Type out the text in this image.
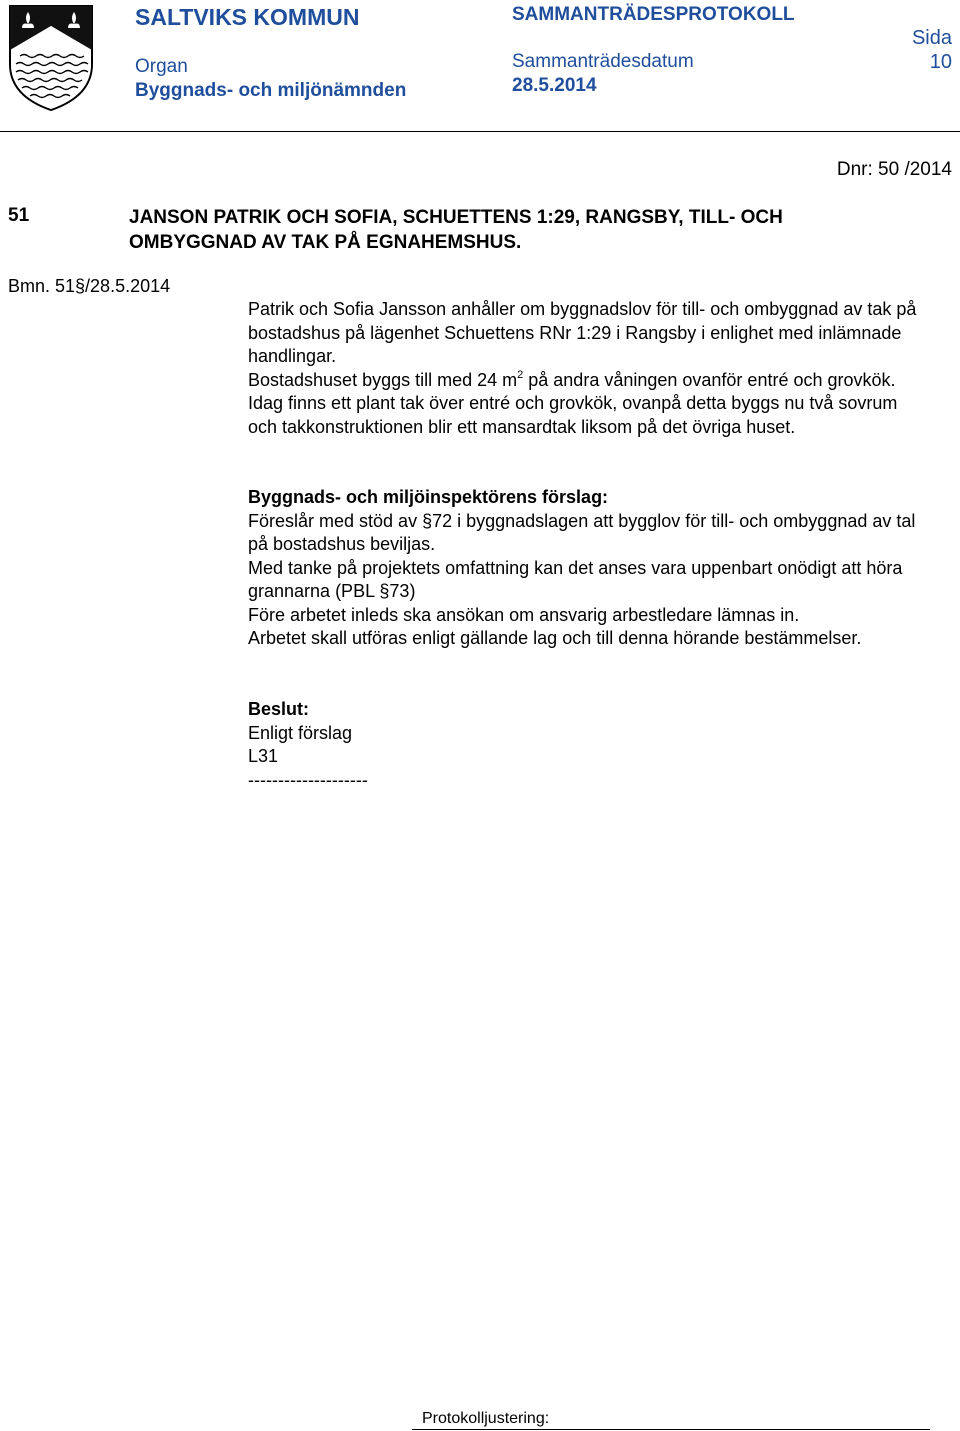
SALTVIKS KOMMUN
Organ
Byggnads- och miljönämnden
SAMMANTRÄDESPROTOKOLL
Sammanträdesdatum
28.5.2014
Sida
10
Dnr: 50 /2014
51	JANSON PATRIK OCH SOFIA, SCHUETTENS 1:29, RANGSBY, TILL- OCH OMBYGGNAD AV TAK PÅ EGNAHEMSHUS.
Bmn. 51§/28.5.2014

Patrik och Sofia Jansson anhåller om byggnadslov för till- och ombyggnad av tak på bostadshus på lägenhet Schuettens RNr 1:29 i Rangsby i enlighet med inlämnade handlingar.

Bostadshuset byggs till med 24 $m^2$ på andra våningen ovanför entré och grovkök. Idag finns ett plant tak över entré och grovkök, ovanpå detta byggs nu två sovrum och takkonstruktionen blir ett mansardtak liksom på det övriga huset.

Byggnads- och miljöinspektörens förslag:

Föreslår med stöd av §72 i byggnadslagen att bygglov för till- och ombyggnad av tal på bostadshus beviljas.

Med tanke på projektets omfattning kan det anses vara uppenbart onödigt att höra grannarna (PBL §73)

Före arbetet inleds ska ansökan om ansvarig arbestledare lämnas in.

Arbetet skall utföras enligt gällande lag och till denna hörande bestämmelser.

Beslut:

Enligt förslag

L31

--------------------

Protokolljustering:
